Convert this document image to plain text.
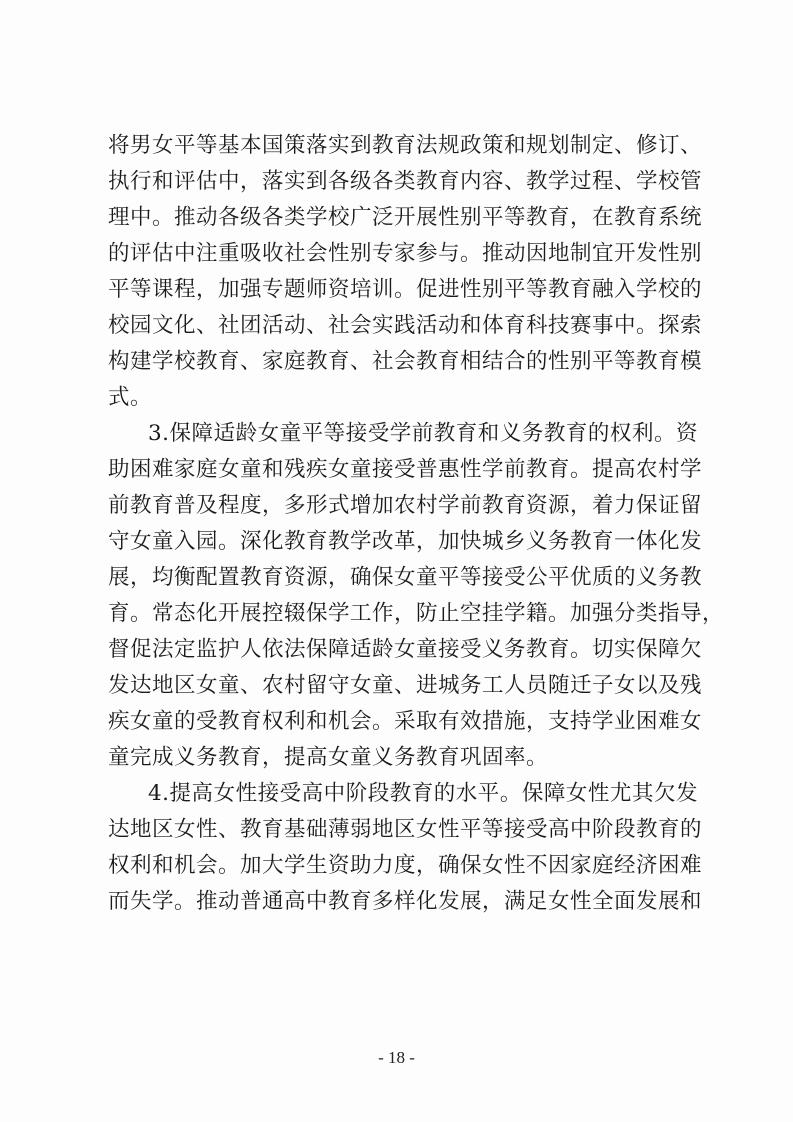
将男女平等基本国策落实到教育法规政策和规划制定、修订、
执行和评估中，落实到各级各类教育内容、教学过程、学校管
理中。推动各级各类学校广泛开展性别平等教育，在教育系统
的评估中注重吸收社会性别专家参与。推动因地制宜开发性别
平等课程，加强专题师资培训。促进性别平等教育融入学校的
校园文化、社团活动、社会实践活动和体育科技赛事中。探索
构建学校教育、家庭教育、社会教育相结合的性别平等教育模
式。
3.保障适龄女童平等接受学前教育和义务教育的权利。资
助困难家庭女童和残疾女童接受普惠性学前教育。提高农村学
前教育普及程度，多形式增加农村学前教育资源，着力保证留
守女童入园。深化教育教学改革，加快城乡义务教育一体化发
展，均衡配置教育资源，确保女童平等接受公平优质的义务教
育。常态化开展控辍保学工作，防止空挂学籍。加强分类指导，
督促法定监护人依法保障适龄女童接受义务教育。切实保障欠
发达地区女童、农村留守女童、进城务工人员随迁子女以及残
疾女童的受教育权利和机会。采取有效措施，支持学业困难女
童完成义务教育，提高女童义务教育巩固率。
4.提高女性接受高中阶段教育的水平。保障女性尤其欠发
达地区女性、教育基础薄弱地区女性平等接受高中阶段教育的
权利和机会。加大学生资助力度，确保女性不因家庭经济困难
而失学。推动普通高中教育多样化发展，满足女性全面发展和
- 18 -
